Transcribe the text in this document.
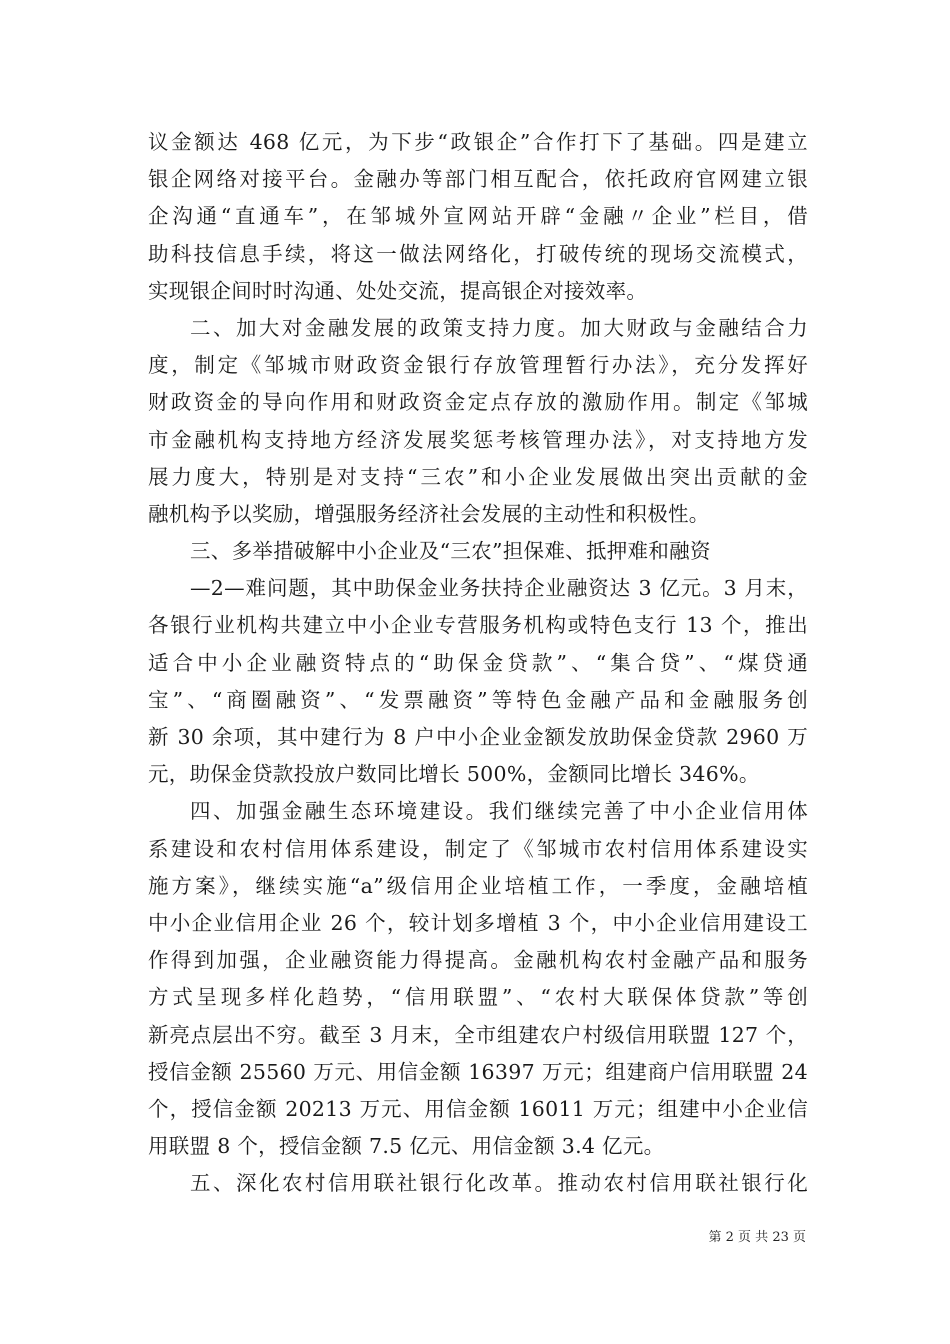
议金额达 468 亿元，为下步“政银企”合作打下了基础。四是建立
银企网络对接平台。金融办等部门相互配合，依托政府官网建立银
企沟通“直通车”，在邹城外宣网站开辟“金融〃企业”栏目，借
助科技信息手续，将这一做法网络化，打破传统的现场交流模式，
实现银企间时时沟通、处处交流，提高银企对接效率。
二、加大对金融发展的政策支持力度。加大财政与金融结合力
度，制定《邹城市财政资金银行存放管理暂行办法》，充分发挥好
财政资金的导向作用和财政资金定点存放的激励作用。制定《邹城
市金融机构支持地方经济发展奖惩考核管理办法》，对支持地方发
展力度大，特别是对支持“三农”和小企业发展做出突出贡献的金
融机构予以奖励，增强服务经济社会发展的主动性和积极性。
三、多举措破解中小企业及“三农”担保难、抵押难和融资
—2—难问题，其中助保金业务扶持企业融资达 3 亿元。3 月末，
各银行业机构共建立中小企业专营服务机构或特色支行 13 个，推出
适合中小企业融资特点的“助保金贷款”、“集合贷”、“煤贷通
宝”、“商圈融资”、“发票融资”等特色金融产品和金融服务创
新 30 余项，其中建行为 8 户中小企业金额发放助保金贷款 2960 万
元，助保金贷款投放户数同比增长 500%，金额同比增长 346%。
四、加强金融生态环境建设。我们继续完善了中小企业信用体
系建设和农村信用体系建设，制定了《邹城市农村信用体系建设实
施方案》，继续实施“a”级信用企业培植工作，一季度，金融培植
中小企业信用企业 26 个，较计划多增植 3 个，中小企业信用建设工
作得到加强，企业融资能力得提高。金融机构农村金融产品和服务
方式呈现多样化趋势，“信用联盟”、“农村大联保体贷款”等创
新亮点层出不穷。截至 3 月末，全市组建农户村级信用联盟 127 个，
授信金额 25560 万元、用信金额 16397 万元；组建商户信用联盟 24
个，授信金额 20213 万元、用信金额 16011 万元；组建中小企业信
用联盟 8 个，授信金额 7.5 亿元、用信金额 3.4 亿元。
五、深化农村信用联社银行化改革。推动农村信用联社银行化
第 2 页 共 23 页
